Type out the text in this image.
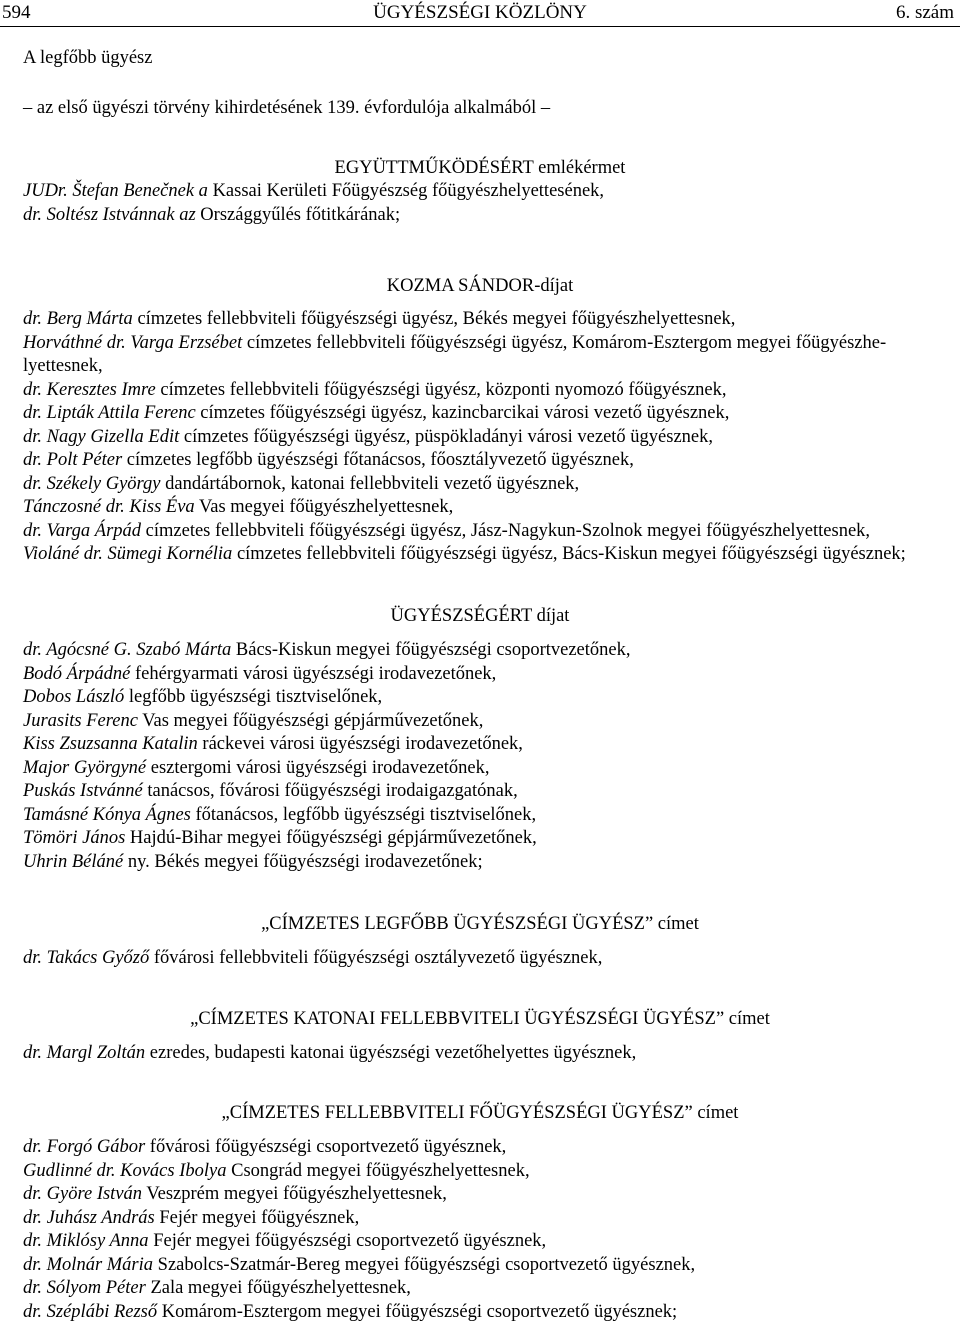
ÜGYÉSZSÉGI KÖZLÖNY
594	6. szám
A legfőbb ügyész
– az első ügyészi törvény kihirdetésének 139. évfordulója alkalmából –
EGYÜTTMŰKÖDÉSÉRT emlékérmet

JUDr. Štefan Benečnek a Kassai Kerületi Főügyészség főügyészhelyettesének,

dr. Soltész Istvánnak az Országgyűlés főtitkárának;

KOZMA SÁNDOR-díjat

dr. Berg Márta címzetes fellebbviteli főügyészségi ügyész, Békés megyei főügyészhelyettesnek,

Horváthné dr. Varga Erzsébet címzetes fellebbviteli főügyészségi ügyész, Komárom-Esztergom megyei főügyészhe-lyettesnek,

dr. Keresztes Imre címzetes fellebbviteli főügyészségi ügyész, központi nyomozó főügyésznek,

dr. Lipták Attila Ferenc címzetes főügyészségi ügyész, kazincbarcikai városi vezető ügyésznek,

dr. Nagy Gizella Edit címzetes főügyészségi ügyész, püspökladányi városi vezető ügyésznek,

dr. Polt Péter címzetes legfőbb ügyészségi főtanácsos, főosztályvezető ügyésznek,

dr. Székely György dandártábornok, katonai fellebbviteli vezető ügyésznek,

Tánczosné dr. Kiss Éva Vas megyei főügyészhelyettesnek,

dr. Varga Árpád címzetes fellebbviteli főügyészségi ügyész, Jász-Nagykun-Szolnok megyei főügyészhelyettesnek,

Violáné dr. Sümegi Kornélia címzetes fellebbviteli főügyészségi ügyész, Bács-Kiskun megyei főügyészségi ügyésznek;

ÜGYÉSZSÉGÉRT díjat

dr. Agócsné G. Szabó Márta Bács-Kiskun megyei főügyészségi csoportvezetőnek,

Bodó Árpádné fehérgyarmati városi ügyészségi irodavezetőnek,

Dobos László legfőbb ügyészségi tisztviselőnek,

Jurasits Ferenc Vas megyei főügyészségi gépjárművezetőnek,

Kiss Zsuzsanna Katalin ráckevei városi ügyészségi irodavezetőnek,

Major Györgyné esztergomi városi ügyészségi irodavezetőnek,

Puskás Istvánné tanácsos, fővárosi főügyészségi irodaigazgatónak,

Tamásné Kónya Ágnes főtanácsos, legfőbb ügyészségi tisztviselőnek,

Tömöri János Hajdú-Bihar megyei főügyészségi gépjárművezetőnek,

Uhrin Béláné ny. Békés megyei főügyészségi irodavezetőnek;

„CÍMZETES LEGFŐBB ÜGYÉSZSÉGI ÜGYÉSZ” címet

dr. Takács Győző fővárosi fellebbviteli főügyészségi osztályvezető ügyésznek,

„CÍMZETES KATONAI FELLEBBVITELI ÜGYÉSZSÉGI ÜGYÉSZ” címet

dr. Margl Zoltán ezredes, budapesti katonai ügyészségi vezetőhelyettes ügyésznek,

„CÍMZETES FELLEBBVITELI FŐÜGYÉSZSÉGI ÜGYÉSZ” címet

dr. Forgó Gábor fővárosi főügyészségi csoportvezető ügyésznek,

Gudlinné dr. Kovács Ibolya Csongrád megyei főügyészhelyettesnek,

dr. Györe István Veszprém megyei főügyészhelyettesnek,

dr. Juhász András Fejér megyei főügyésznek,

dr. Miklósy Anna Fejér megyei főügyészségi csoportvezető ügyésznek,

dr. Molnár Mária Szabolcs-Szatmár-Bereg megyei főügyészségi csoportvezető ügyésznek,

dr. Sólyom Péter Zala megyei főügyészhelyettesnek,

dr. Széplábi Rezső Komárom-Esztergom megyei főügyészségi csoportvezető ügyésznek;
